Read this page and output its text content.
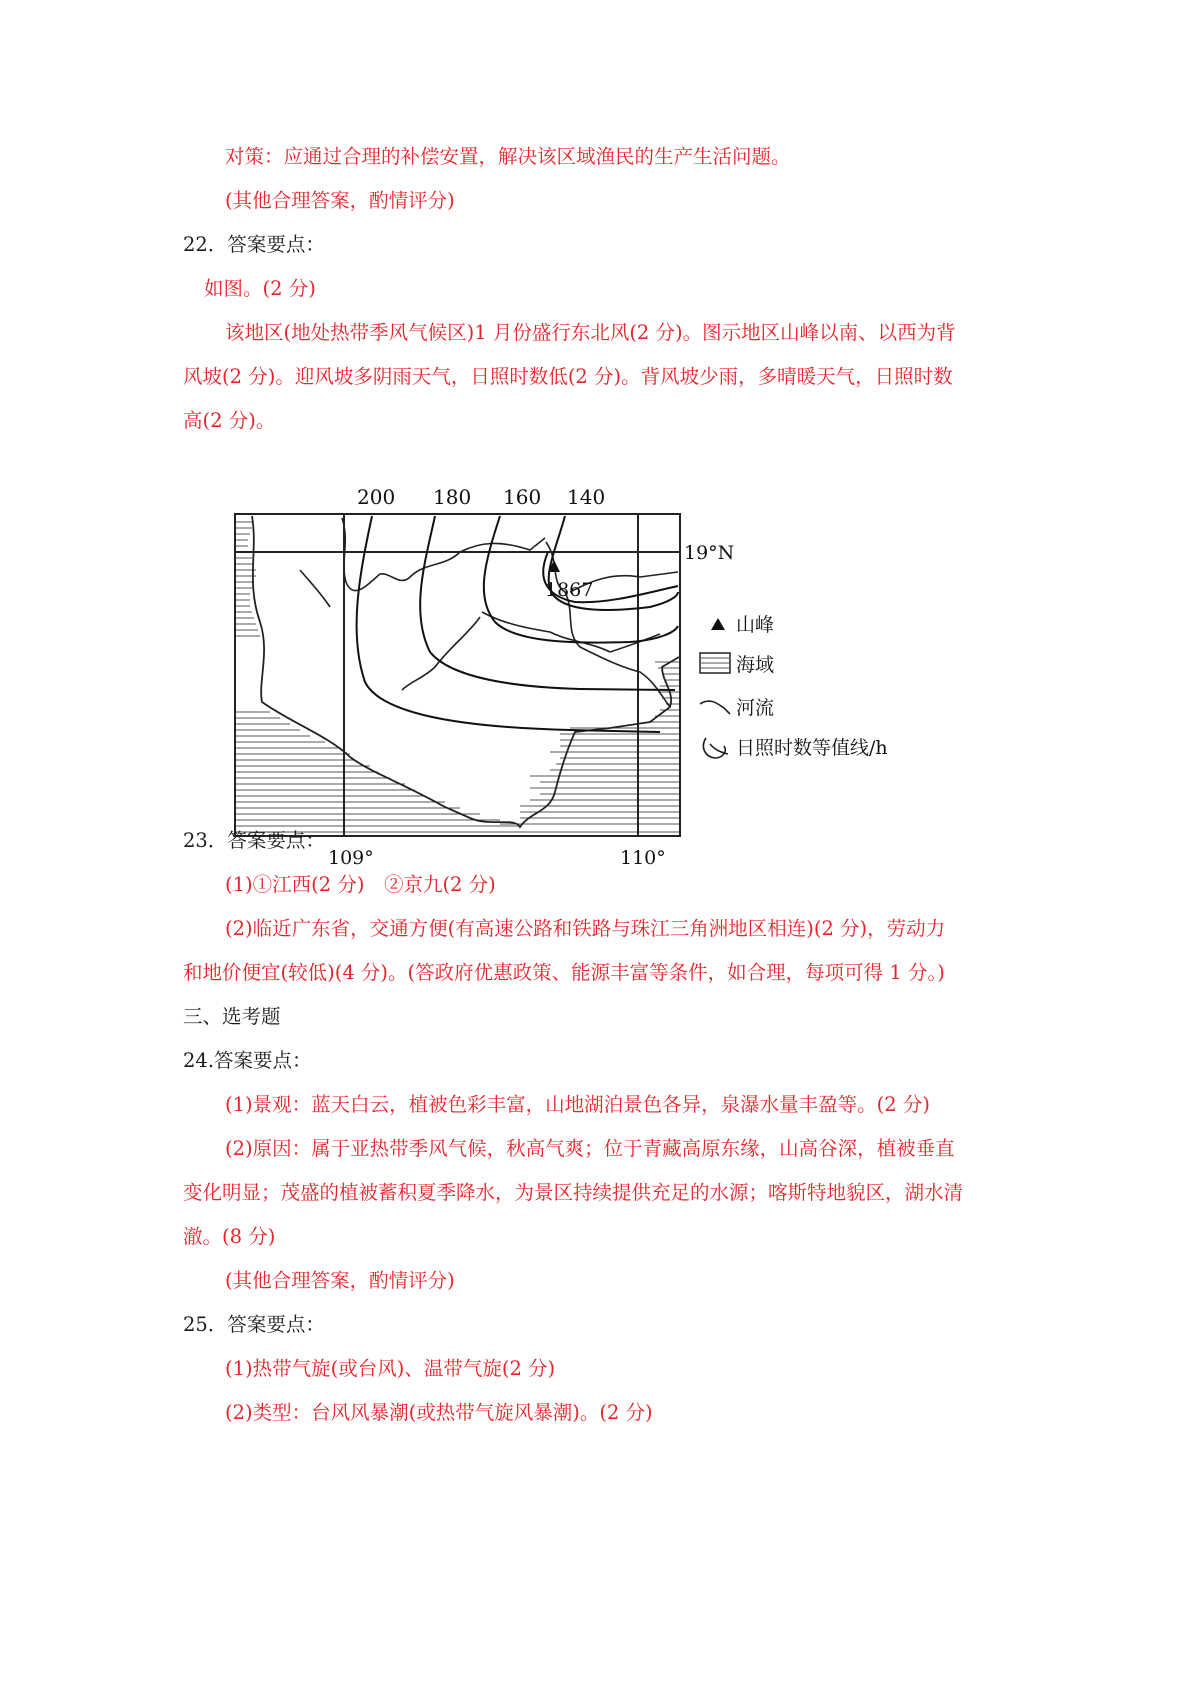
对策：应通过合理的补偿安置，解决该区域渔民的生产生活问题。
(其他合理答案，酌情评分)
22．答案要点：
如图。(2 分)
该地区(地处热带季风气候区)1 月份盛行东北风(2 分)。图示地区山峰以南、以西为背
风坡(2 分)。迎风坡多阴雨天气，日照时数低(2 分)。背风坡少雨，多晴暖天气，日照时数
高(2 分)。
200 180 160 140
1867
19°N
109°	110°
山峰
海域
河流
日照时数等值线/h
23．答案要点：
(1)①江西(2 分)　②京九(2 分)
(2)临近广东省，交通方便(有高速公路和铁路与珠江三角洲地区相连)(2 分)，劳动力
和地价便宜(较低)(4 分)。(答政府优惠政策、能源丰富等条件，如合理，每项可得 1 分。)
三、选考题
24.答案要点：
(1)景观：蓝天白云，植被色彩丰富，山地湖泊景色各异，泉瀑水量丰盈等。(2 分)
(2)原因：属于亚热带季风气候，秋高气爽；位于青藏高原东缘，山高谷深，植被垂直
变化明显；茂盛的植被蓄积夏季降水，为景区持续提供充足的水源；喀斯特地貌区，湖水清
澈。(8 分)
(其他合理答案，酌情评分)
25．答案要点：
(1)热带气旋(或台风)、温带气旋(2 分)
(2)类型：台风风暴潮(或热带气旋风暴潮)。(2 分)
